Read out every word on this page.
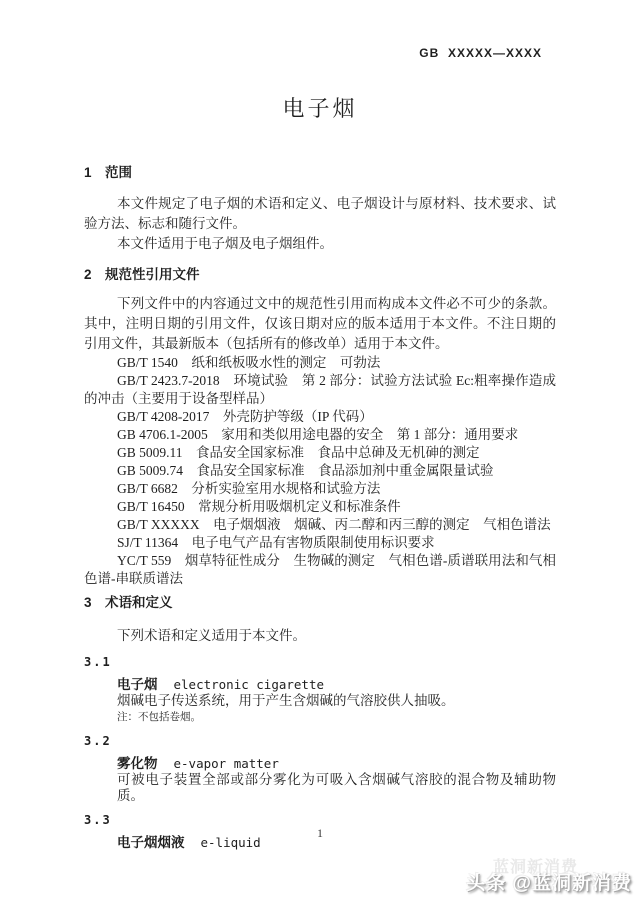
GB  XXXXX—XXXX
电子烟
1　范围

本文件规定了电子烟的术语和定义、电子烟设计与原材料、技术要求、试验方法、标志和随行文件。

本文件适用于电子烟及电子烟组件。

2　规范性引用文件

下列文件中的内容通过文中的规范性引用而构成本文件必不可少的条款。其中，注明日期的引用文件，仅该日期对应的版本适用于本文件。不注日期的引用文件，其最新版本（包括所有的修改单）适用于本文件。

GB/T 1540　纸和纸板吸水性的测定　可勃法

GB/T 2423.7-2018　环境试验　第 2 部分：试验方法试验 Ec:粗率操作造成的冲击（主要用于设备型样品）

GB/T 4208-2017　外壳防护等级（IP 代码）

GB 4706.1-2005　家用和类似用途电器的安全　第 1 部分：通用要求

GB 5009.11　食品安全国家标准　食品中总砷及无机砷的测定

GB 5009.74　食品安全国家标准　食品添加剂中重金属限量试验

GB/T 6682　分析实验室用水规格和试验方法

GB/T 16450　常规分析用吸烟机定义和标准条件

GB/T XXXXX　电子烟烟液　烟碱、丙二醇和丙三醇的测定　气相色谱法

SJ/T 11364　电子电气产品有害物质限制使用标识要求

YC/T 559　烟草特征性成分　生物碱的测定　气相色谱-质谱联用法和气相色谱-串联质谱法

3　术语和定义

下列术语和定义适用于本文件。

3.1
电子烟 electronic cigarette

烟碱电子传送系统，用于产生含烟碱的气溶胶供人抽吸。

注：不包括卷烟。

3.2
雾化物 e-vapor matter

可被电子装置全部或部分雾化为可吸入含烟碱气溶胶的混合物及辅助物质。

3.3
电子烟烟液 e-liquid
1
蓝洞新消费
头条 @蓝洞新消费
